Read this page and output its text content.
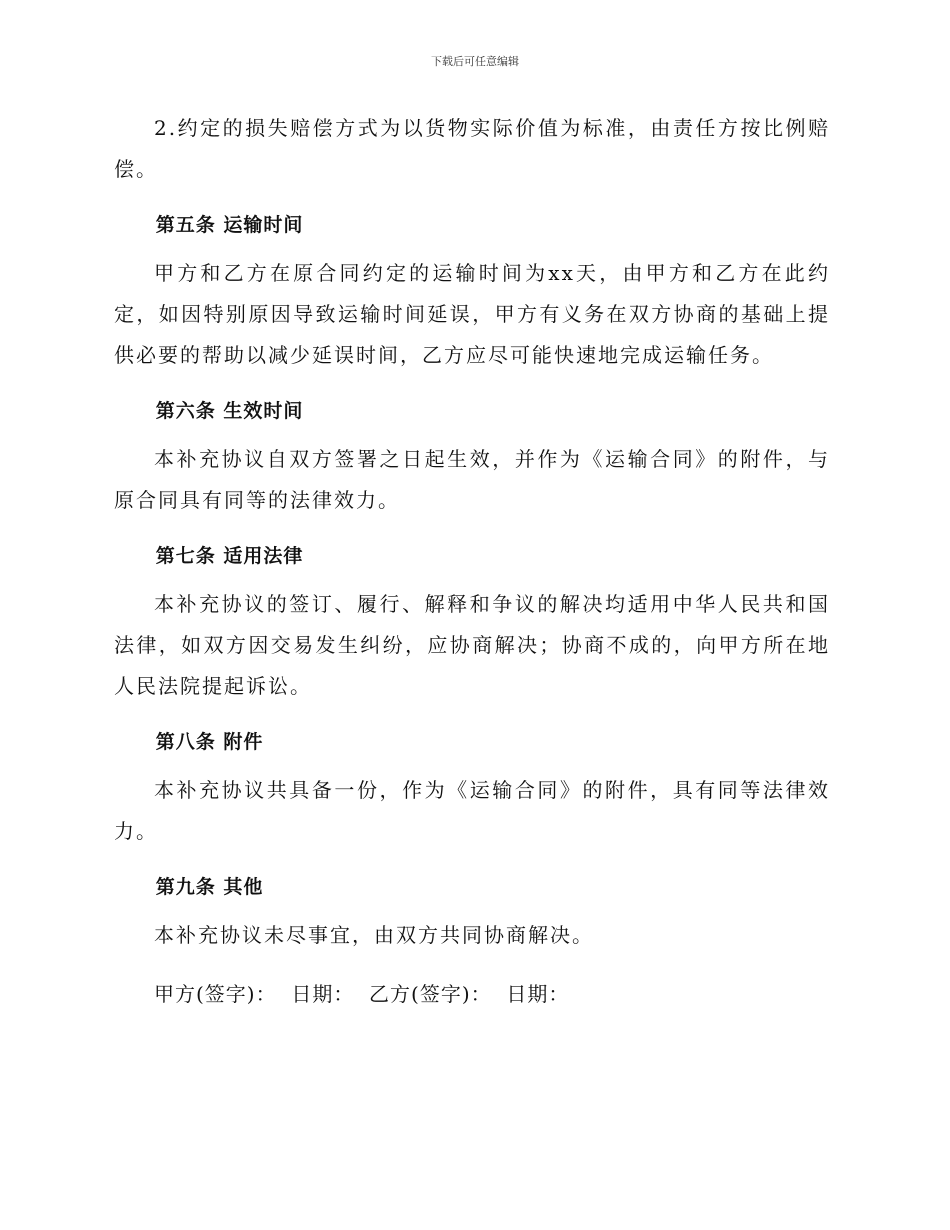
下载后可任意编辑

2.约定的损失赔偿方式为以货物实际价值为标准，由责任方按比例赔偿。

第五条 运输时间

甲方和乙方在原合同约定的运输时间为xx天，由甲方和乙方在此约定，如因特别原因导致运输时间延误，甲方有义务在双方协商的基础上提供必要的帮助以减少延误时间，乙方应尽可能快速地完成运输任务。

第六条 生效时间

本补充协议自双方签署之日起生效，并作为《运输合同》的附件，与原合同具有同等的法律效力。

第七条 适用法律

本补充协议的签订、履行、解释和争议的解决均适用中华人民共和国法律，如双方因交易发生纠纷，应协商解决；协商不成的，向甲方所在地人民法院提起诉讼。

第八条 附件

本补充协议共具备一份，作为《运输合同》的附件，具有同等法律效力。

第九条 其他

本补充协议未尽事宜，由双方共同协商解决。

甲方(签字)：  日期：  乙方(签字)：  日期：
